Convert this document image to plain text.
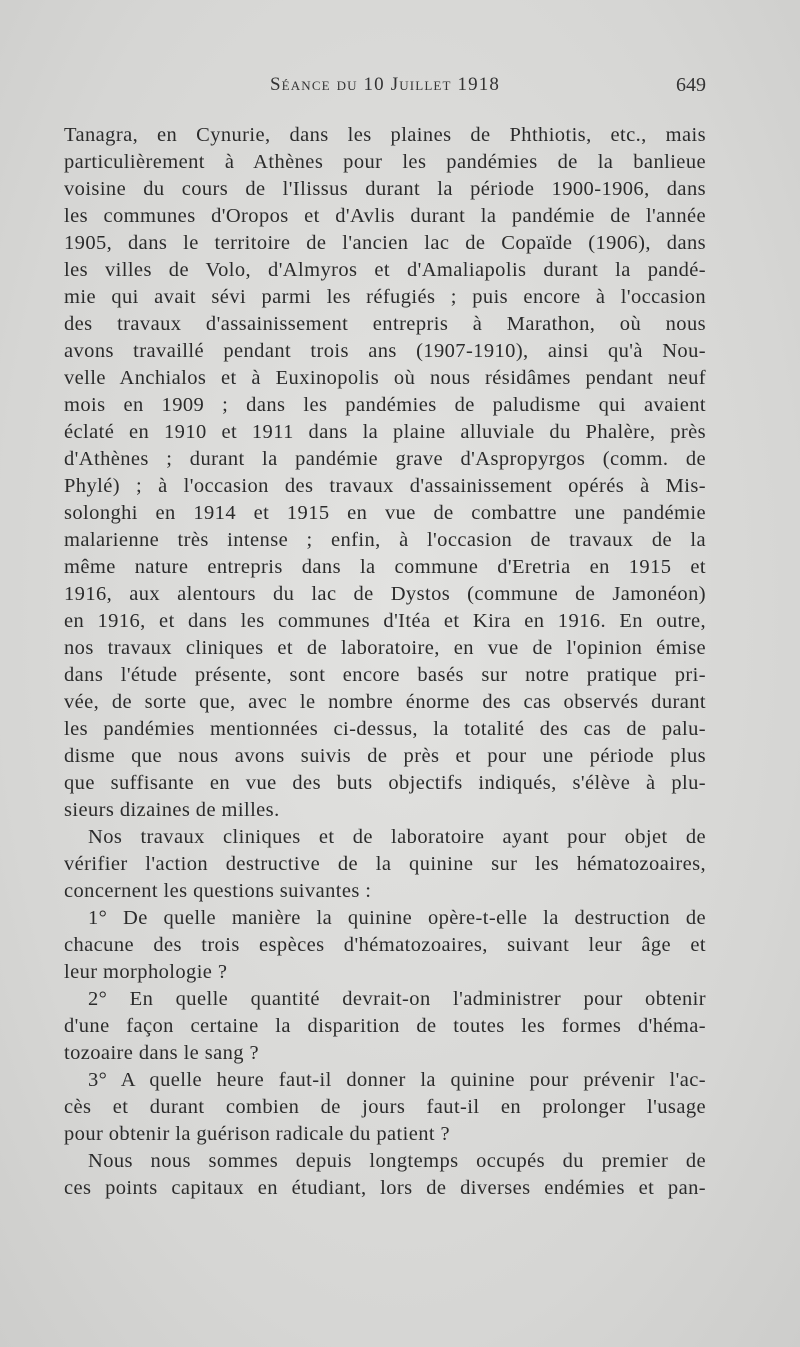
Séance du 10 Juillet 1918	649
Tanagra, en Cynurie, dans les plaines de Phthiotis, etc., mais
particulièrement à Athènes pour les pandémies de la banlieue
voisine du cours de l'Ilissus durant la période 1900-1906, dans
les communes d'Oropos et d'Avlis durant la pandémie de l'année
1905, dans le territoire de l'ancien lac de Copaïde (1906), dans
les villes de Volo, d'Almyros et d'Amaliapolis durant la pandé-
mie qui avait sévi parmi les réfugiés ; puis encore à l'occasion
des travaux d'assainissement entrepris à Marathon, où nous
avons travaillé pendant trois ans (1907-1910), ainsi qu'à Nou-
velle Anchialos et à Euxinopolis où nous résidâmes pendant neuf
mois en 1909 ; dans les pandémies de paludisme qui avaient
éclaté en 1910 et 1911 dans la plaine alluviale du Phalère, près
d'Athènes ; durant la pandémie grave d'Aspropyrgos (comm. de
Phylé) ; à l'occasion des travaux d'assainissement opérés à Mis-
solonghi en 1914 et 1915 en vue de combattre une pandémie
malarienne très intense ; enfin, à l'occasion de travaux de la
même nature entrepris dans la commune d'Eretria en 1915 et
1916, aux alentours du lac de Dystos (commune de Jamonéon)
en 1916, et dans les communes d'Itéa et Kira en 1916. En outre,
nos travaux cliniques et de laboratoire, en vue de l'opinion émise
dans l'étude présente, sont encore basés sur notre pratique pri-
vée, de sorte que, avec le nombre énorme des cas observés durant
les pandémies mentionnées ci-dessus, la totalité des cas de palu-
disme que nous avons suivis de près et pour une période plus
que suffisante en vue des buts objectifs indiqués, s'élève à plu-
sieurs dizaines de milles.
Nos travaux cliniques et de laboratoire ayant pour objet de
vérifier l'action destructive de la quinine sur les hématozoaires,
concernent les questions suivantes :
1° De quelle manière la quinine opère-t-elle la destruction de
chacune des trois espèces d'hématozoaires, suivant leur âge et
leur morphologie ?
2° En quelle quantité devrait-on l'administrer pour obtenir
d'une façon certaine la disparition de toutes les formes d'héma-
tozoaire dans le sang ?
3° A quelle heure faut-il donner la quinine pour prévenir l'ac-
cès et durant combien de jours faut-il en prolonger l'usage
pour obtenir la guérison radicale du patient ?
Nous nous sommes depuis longtemps occupés du premier de
ces points capitaux en étudiant, lors de diverses endémies et pan-
